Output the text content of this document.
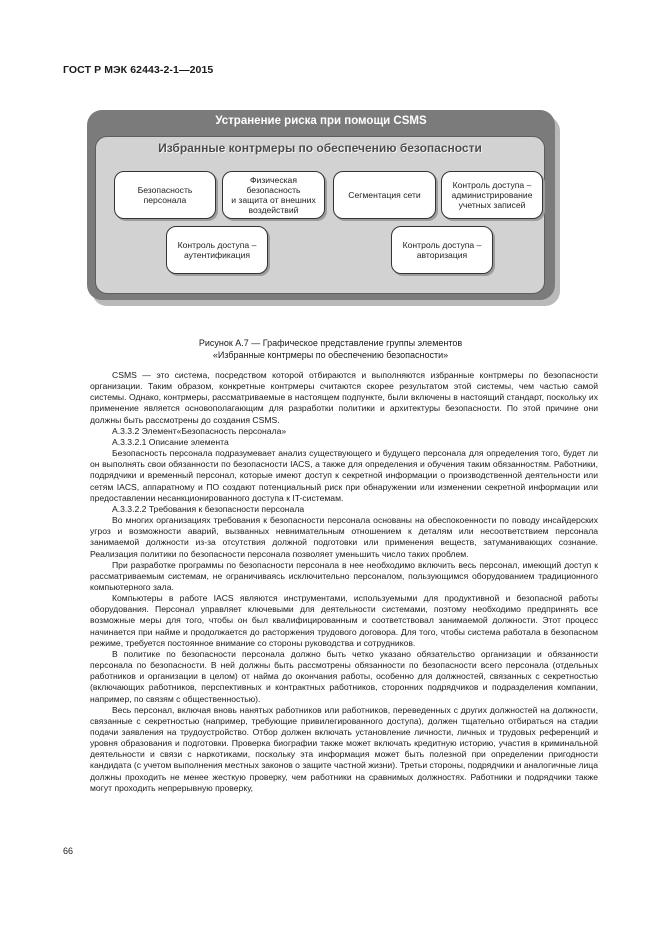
ГОСТ Р МЭК 62443-2-1—2015
Устранение риска при помощи CSMS
Избранные контрмеры по обеспечению безопасности
Безопасность
персонала
Физическая
безопасность
и защита от внешних
воздействий
Сегментация сети
Контроль доступа –
администрирование
учетных записей
Контроль доступа –
аутентификация
Контроль доступа –
авторизация
Рисунок А.7 — Графическое представление группы элементов
«Избранные контрмеры по обеспечению безопасности»

CSMS — это система, посредством которой отбираются и выполняются избранные контрмеры по безопасности организации. Таким образом, конкретные контрмеры считаются скорее результатом этой системы, чем частью самой системы. Однако, контрмеры, рассматриваемые в настоящем подпункте, были включены в настоящий стандарт, поскольку их применение является основополагающим для разработки политики и архитектуры безопасности. По этой причине они должны быть рассмотрены до создания CSMS.

А.3.3.2 Элемент«Безопасность персонала»

А.3.3.2.1 Описание элемента

Безопасность персонала подразумевает анализ существующего и будущего персонала для определения того, будет ли он выполнять свои обязанности по безопасности IACS, а также для определения и обучения таким обязанностям. Работники, подрядчики и временный персонал, которые имеют доступ к секретной информации о производственной деятельности или сетям IACS, аппаратному и ПО создают потенциальный риск при обнаружении или изменении секретной информации или предоставлении несанкционированного доступа к IT-системам.

А.3.3.2.2 Требования к безопасности персонала

Во многих организациях требования к безопасности персонала основаны на обеспокоенности по поводу инсайдерских угроз и возможности аварий, вызванных невнимательным отношением к деталям или несоответствием персонала занимаемой должности из-за отсутствия должной подготовки или применения веществ, затуманивающих сознание. Реализация политики по безопасности персонала позволяет уменьшить число таких проблем.

При разработке программы по безопасности персонала в нее необходимо включить весь персонал, имеющий доступ к рассматриваемым системам, не ограничиваясь исключительно персоналом, пользующимся оборудованием традиционного компьютерного зала.

Компьютеры в работе IACS являются инструментами, используемыми для продуктивной и безопасной работы оборудования. Персонал управляет ключевыми для деятельности системами, поэтому необходимо предпринять все возможные меры для того, чтобы он был квалифицированным и соответствовал занимаемой должности. Этот процесс начинается при найме и продолжается до расторжения трудового договора. Для того, чтобы система работала в безопасном режиме, требуется постоянное внимание со стороны руководства и сотрудников.

В политике по безопасности персонала должно быть четко указано обязательство организации и обязанности персонала по безопасности. В ней должны быть рассмотрены обязанности по безопасности всего персонала (отдельных работников и организации в целом) от найма до окончания работы, особенно для должностей, связанных с секретностью (включающих работников, перспективных и контрактных работников, сторонних подрядчиков и подразделения компании, например, по связям с общественностью).

Весь персонал, включая вновь нанятых работников или работников, переведенных с других должностей на должности, связанные с секретностью (например, требующие привилегированного доступа), должен тщательно отбираться на стадии подачи заявления на трудоустройство. Отбор должен включать установление личности, личных и трудовых референций и уровня образования и подготовки. Проверка биографии также может включать кредитную историю, участия в криминальной деятельности и связи с наркотиками, поскольку эта информация может быть полезной при определении пригодности кандидата (с учетом выполнения местных законов о защите частной жизни). Третьи стороны, подрядчики и аналогичные лица должны проходить не менее жесткую проверку, чем работники на сравнимых должностях. Работники и подрядчики также могут проходить непрерывную проверку,

66
